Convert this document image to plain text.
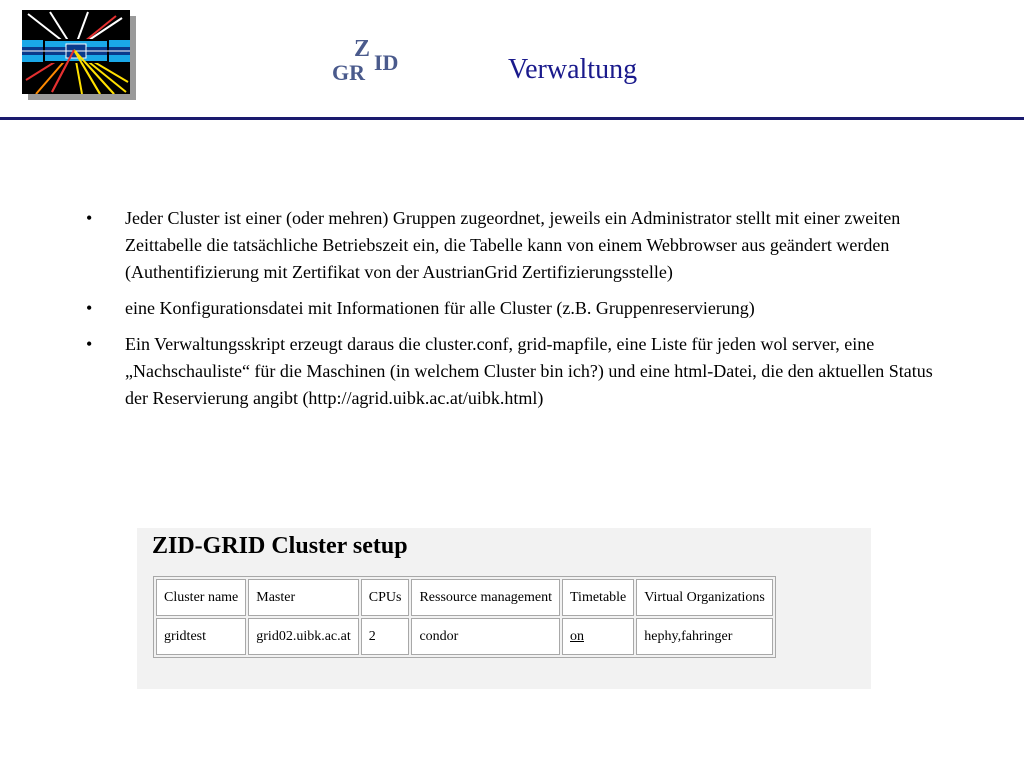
Z
GR ID	Verwaltung
• Jeder Cluster ist einer (oder mehren) Gruppen zugeordnet, jeweils ein Administrator stellt mit einer zweiten Zeittabelle die tatsächliche Betriebszeit ein, die Tabelle kann von einem Webbrowser aus geändert werden (Authentifizierung mit Zertifikat von der AustrianGrid Zertifizierungsstelle)
• eine Konfigurationsdatei mit Informationen für alle Cluster (z.B. Gruppenreservierung)
• Ein Verwaltungsskript erzeugt daraus die cluster.conf, grid-mapfile, eine Liste für jeden wol server, eine „Nachschauliste“ für die Maschinen (in welchem Cluster bin ich?) und eine html-Datei, die den aktuellen Status der Reservierung angibt (http://agrid.uibk.ac.at/uibk.html)
ZID-GRID Cluster setup
Cluster name	Master	CPUs	Ressource management	Timetable	Virtual Organizations
gridtest	grid02.uibk.ac.at	2	condor	on	hephy,fahringer
